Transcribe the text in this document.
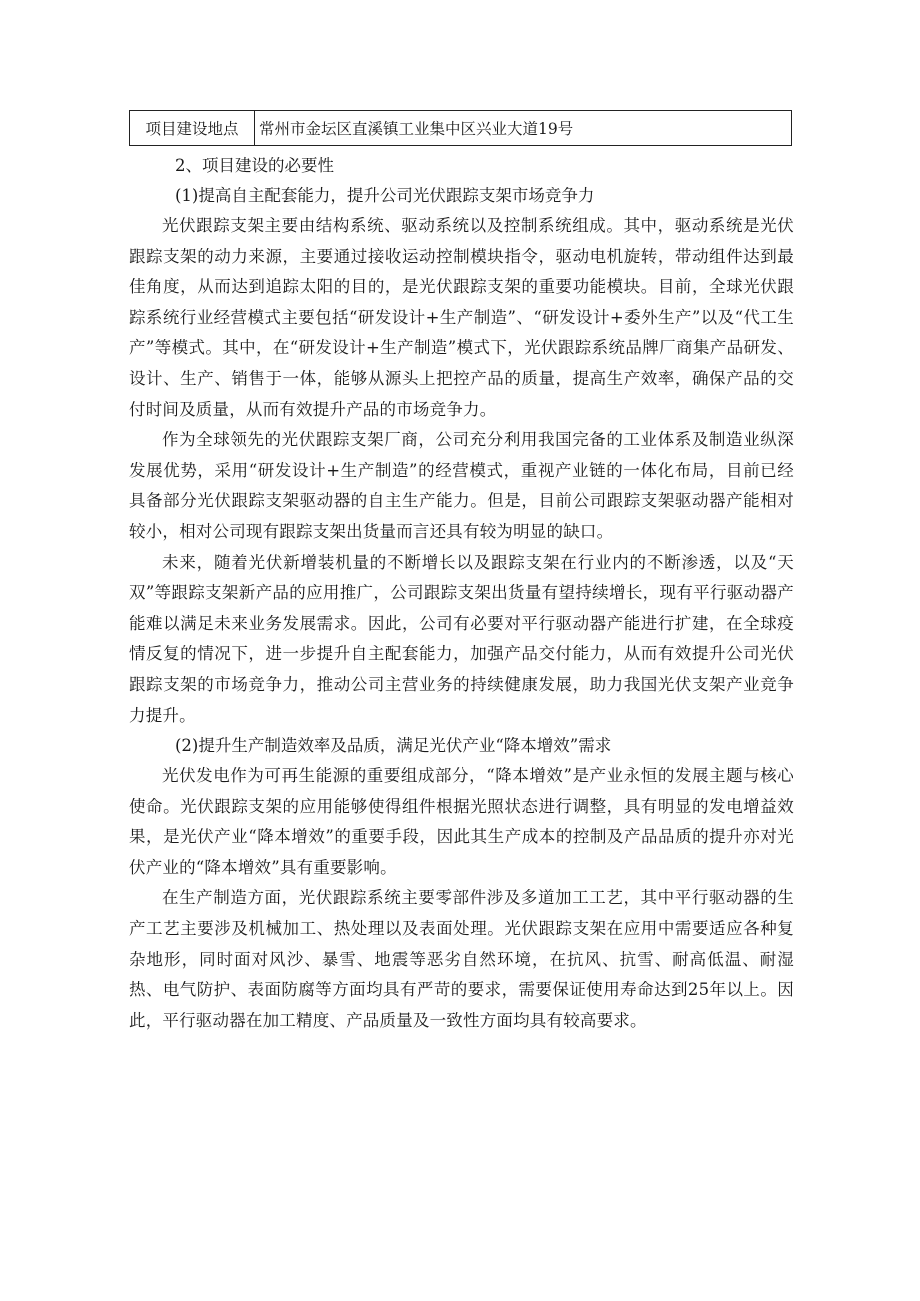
项目建设地点	常州市金坛区直溪镇工业集中区兴业大道19号

2、项目建设的必要性

(1)提高自主配套能力，提升公司光伏跟踪支架市场竞争力

光伏跟踪支架主要由结构系统、驱动系统以及控制系统组成。其中，驱动系统是光伏跟踪支架的动力来源，主要通过接收运动控制模块指令，驱动电机旋转，带动组件达到最佳角度，从而达到追踪太阳的目的，是光伏跟踪支架的重要功能模块。目前，全球光伏跟踪系统行业经营模式主要包括“研发设计+生产制造”、“研发设计+委外生产”以及“代工生产”等模式。其中，在“研发设计+生产制造”模式下，光伏跟踪系统品牌厂商集产品研发、设计、生产、销售于一体，能够从源头上把控产品的质量，提高生产效率，确保产品的交付时间及质量，从而有效提升产品的市场竞争力。

作为全球领先的光伏跟踪支架厂商，公司充分利用我国完备的工业体系及制造业纵深发展优势，采用“研发设计+生产制造”的经营模式，重视产业链的一体化布局，目前已经具备部分光伏跟踪支架驱动器的自主生产能力。但是，目前公司跟踪支架驱动器产能相对较小，相对公司现有跟踪支架出货量而言还具有较为明显的缺口。

未来，随着光伏新增装机量的不断增长以及跟踪支架在行业内的不断渗透，以及“天双”等跟踪支架新产品的应用推广，公司跟踪支架出货量有望持续增长，现有平行驱动器产能难以满足未来业务发展需求。因此，公司有必要对平行驱动器产能进行扩建，在全球疫情反复的情况下，进一步提升自主配套能力，加强产品交付能力，从而有效提升公司光伏跟踪支架的市场竞争力，推动公司主营业务的持续健康发展，助力我国光伏支架产业竞争力提升。

(2)提升生产制造效率及品质，满足光伏产业“降本增效”需求

光伏发电作为可再生能源的重要组成部分，“降本增效”是产业永恒的发展主题与核心使命。光伏跟踪支架的应用能够使得组件根据光照状态进行调整，具有明显的发电增益效果，是光伏产业“降本增效”的重要手段，因此其生产成本的控制及产品品质的提升亦对光伏产业的“降本增效”具有重要影响。

在生产制造方面，光伏跟踪系统主要零部件涉及多道加工工艺，其中平行驱动器的生产工艺主要涉及机械加工、热处理以及表面处理。光伏跟踪支架在应用中需要适应各种复杂地形，同时面对风沙、暴雪、地震等恶劣自然环境，在抗风、抗雪、耐高低温、耐湿热、电气防护、表面防腐等方面均具有严苛的要求，需要保证使用寿命达到25年以上。因此，平行驱动器在加工精度、产品质量及一致性方面均具有较高要求。
